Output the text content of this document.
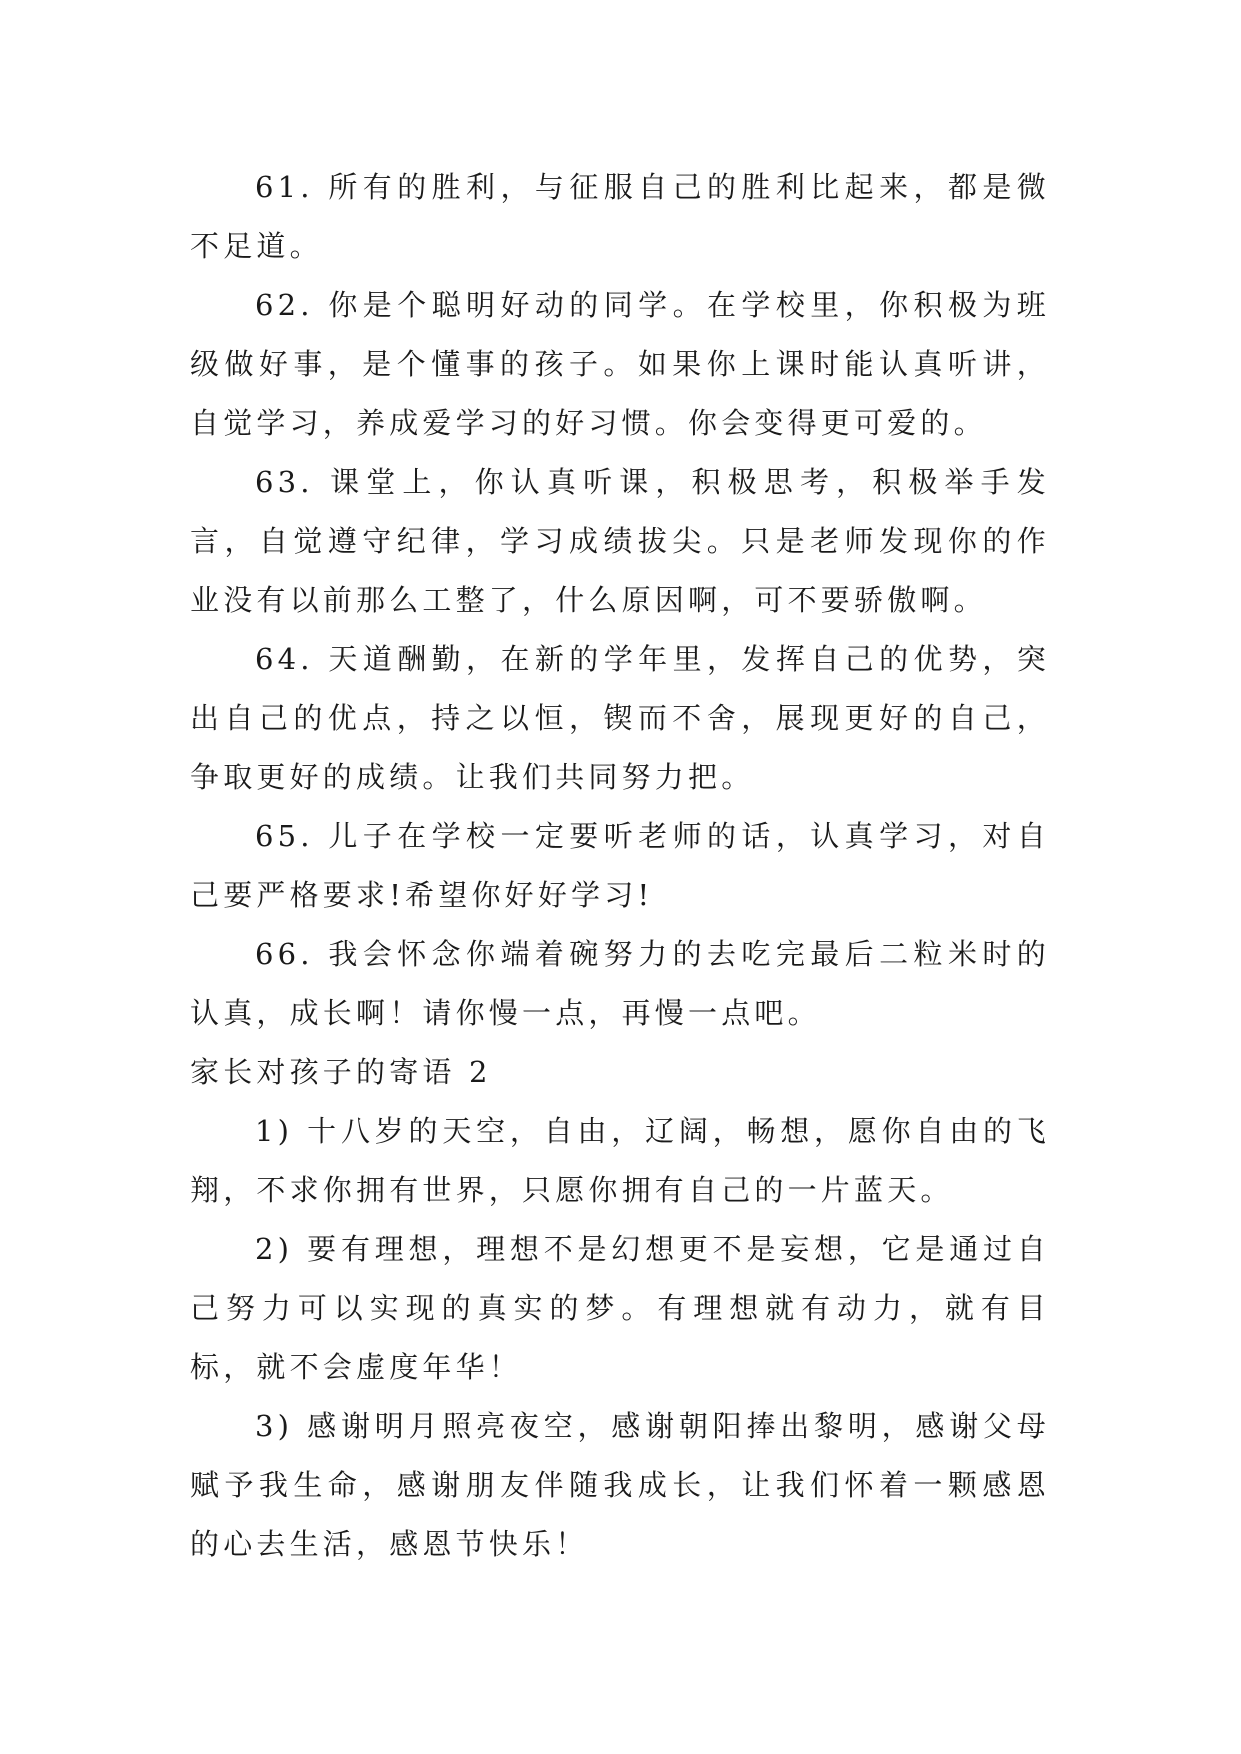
61. 所有的胜利，与征服自己的胜利比起来，都是微不足道。

62. 你是个聪明好动的同学。在学校里，你积极为班级做好事，是个懂事的孩子。如果你上课时能认真听讲，自觉学习，养成爱学习的好习惯。你会变得更可爱的。

63. 课堂上，你认真听课，积极思考，积极举手发言，自觉遵守纪律，学习成绩拔尖。只是老师发现你的作业没有以前那么工整了，什么原因啊，可不要骄傲啊。

64. 天道酬勤，在新的学年里，发挥自己的优势，突出自己的优点，持之以恒，锲而不舍，展现更好的自己，争取更好的成绩。让我们共同努力把。

65. 儿子在学校一定要听老师的话，认真学习，对自己要严格要求!希望你好好学习!

66. 我会怀念你端着碗努力的去吃完最后二粒米时的认真，成长啊！请你慢一点，再慢一点吧。

家长对孩子的寄语 2

1) 十八岁的天空，自由，辽阔，畅想，愿你自由的飞翔，不求你拥有世界，只愿你拥有自己的一片蓝天。

2) 要有理想，理想不是幻想更不是妄想，它是通过自己努力可以实现的真实的梦。有理想就有动力，就有目标，就不会虚度年华！

3) 感谢明月照亮夜空，感谢朝阳捧出黎明，感谢父母赋予我生命，感谢朋友伴随我成长，让我们怀着一颗感恩的心去生活，感恩节快乐！
